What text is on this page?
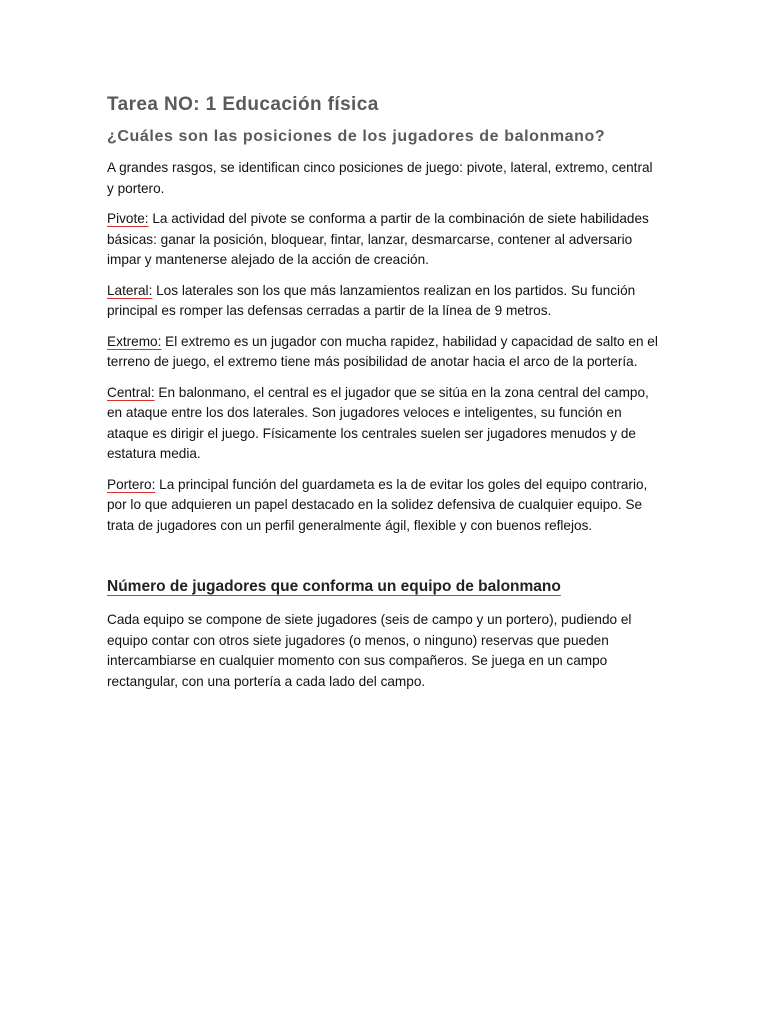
Tarea NO: 1 Educación física
¿Cuáles son las posiciones de los jugadores de balonmano?

A grandes rasgos, se identifican cinco posiciones de juego: pivote, lateral, extremo, central y portero.

Pivote: La actividad del pivote se conforma a partir de la combinación de siete habilidades básicas: ganar la posición, bloquear, fintar, lanzar, desmarcarse, contener al adversario impar y mantenerse alejado de la acción de creación.

Lateral: Los laterales son los que más lanzamientos realizan en los partidos. Su función principal es romper las defensas cerradas a partir de la línea de 9 metros.

Extremo: El extremo es un jugador con mucha rapidez, habilidad y capacidad de salto en el terreno de juego, el extremo tiene más posibilidad de anotar hacia el arco de la portería.

Central: En balonmano, el central es el jugador que se sitúa en la zona central del campo, en ataque entre los dos laterales. Son jugadores veloces e inteligentes, su función en ataque es dirigir el juego. Físicamente los centrales suelen ser jugadores menudos y de estatura media.

Portero: La principal función del guardameta es la de evitar los goles del equipo contrario, por lo que adquieren un papel destacado en la solidez defensiva de cualquier equipo. Se trata de jugadores con un perfil generalmente ágil, flexible y con buenos reflejos.

Número de jugadores que conforma un equipo de balonmano

Cada equipo se compone de siete jugadores (seis de campo y un portero), pudiendo el equipo contar con otros siete jugadores (o menos, o ninguno) reservas que pueden intercambiarse en cualquier momento con sus compañeros. Se juega en un campo rectangular, con una portería a cada lado del campo.
